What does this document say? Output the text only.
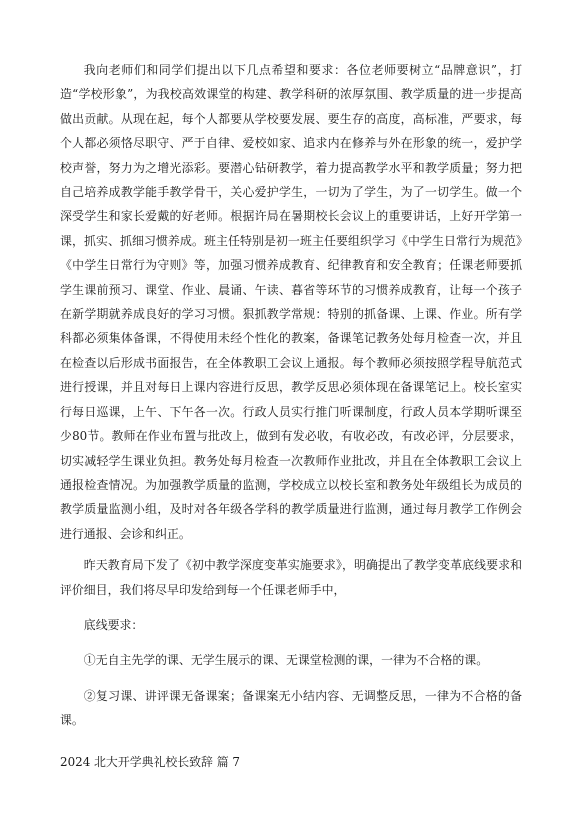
我向老师们和同学们提出以下几点希望和要求：各位老师要树立“品牌意识”，打造“学校形象”，为我校高效课堂的构建、教学科研的浓厚氛围、教学质量的进一步提高做出贡献。从现在起，每个人都要从学校要发展、要生存的高度，高标准，严要求，每个人都必须恪尽职守、严于自律、爱校如家、追求内在修养与外在形象的统一，爱护学校声誉，努力为之增光添彩。要潜心钻研教学，着力提高教学水平和教学质量；努力把自己培养成教学能手教学骨干，关心爱护学生，一切为了学生，为了一切学生。做一个深受学生和家长爱戴的好老师。根据许局在暑期校长会议上的重要讲话，上好开学第一课，抓实、抓细习惯养成。班主任特别是初一班主任要组织学习《中学生日常行为规范》《中学生日常行为守则》等，加强习惯养成教育、纪律教育和安全教育；任课老师要抓学生课前预习、课堂、作业、晨诵、午读、暮省等环节的习惯养成教育，让每一个孩子在新学期就养成良好的学习习惯。狠抓教学常规：特别的抓备课、上课、作业。所有学科都必须集体备课，不得使用未经个性化的教案，备课笔记教务处每月检查一次，并且在检查以后形成书面报告，在全体教职工会议上通报。每个教师必须按照学程导航范式进行授课，并且对每日上课内容进行反思，教学反思必须体现在备课笔记上。校长室实行每日巡课，上午、下午各一次。行政人员实行推门听课制度，行政人员本学期听课至少80节。教师在作业布置与批改上，做到有发必收，有收必改，有改必评，分层要求，切实减轻学生课业负担。教务处每月检查一次教师作业批改，并且在全体教职工会议上通报检查情况。为加强教学质量的监测，学校成立以校长室和教务处年级组长为成员的教学质量监测小组，及时对各年级各学科的教学质量进行监测，通过每月教学工作例会进行通报、会诊和纠正。

昨天教育局下发了《初中教学深度变革实施要求》，明确提出了教学变革底线要求和评价细目，我们将尽早印发给到每一个任课老师手中，

底线要求：

①无自主先学的课、无学生展示的课、无课堂检测的课，一律为不合格的课。

②复习课、讲评课无备课案；备课案无小结内容、无调整反思，一律为不合格的备课。

2024 北大开学典礼校长致辞 篇 7
